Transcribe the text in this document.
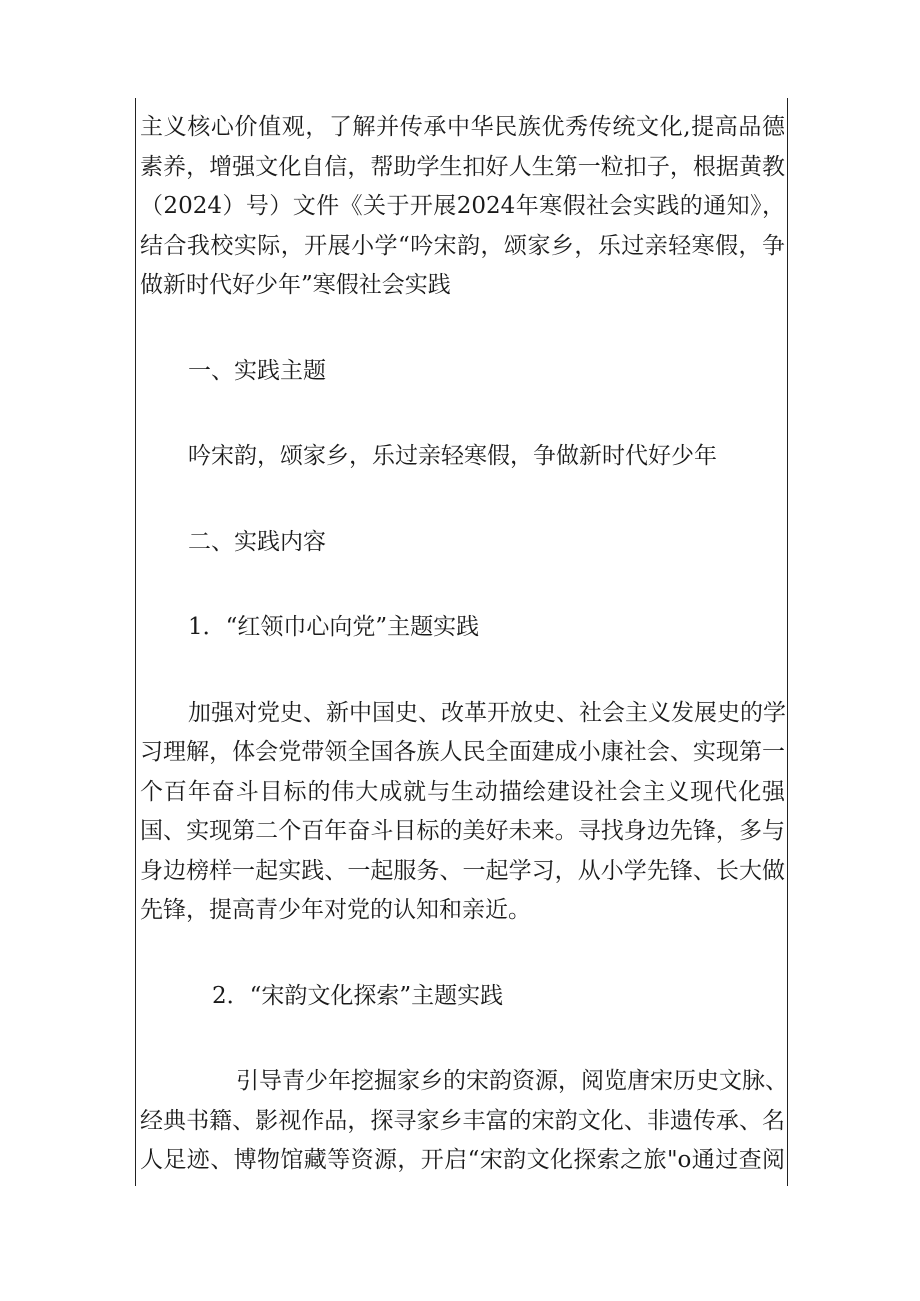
主义核心价值观，了解并传承中华民族优秀传统文化,提高品德

素养，增强文化自信，帮助学生扣好人生第一粒扣子，根据黄教

（2024）号）文件《关于开展2024年寒假社会实践的通知》，

结合我校实际，开展小学“吟宋韵，颂家乡，乐过亲轻寒假，争

做新时代好少年”寒假社会实践

一、实践主题

吟宋韵，颂家乡，乐过亲轻寒假，争做新时代好少年

二、实践内容

1．“红领巾心向党”主题实践

加强对党史、新中国史、改革开放史、社会主义发展史的学

习理解，体会党带领全国各族人民全面建成小康社会、实现第一

个百年奋斗目标的伟大成就与生动描绘建设社会主义现代化强

国、实现第二个百年奋斗目标的美好未来。寻找身边先锋，多与

身边榜样一起实践、一起服务、一起学习，从小学先锋、长大做

先锋，提高青少年对党的认知和亲近。

2．“宋韵文化探索”主题实践

引导青少年挖掘家乡的宋韵资源，阅览唐宋历史文脉、

经典书籍、影视作品，探寻家乡丰富的宋韵文化、非遗传承、名

人足迹、博物馆藏等资源，开启“宋韵文化探索之旅"o通过查阅
